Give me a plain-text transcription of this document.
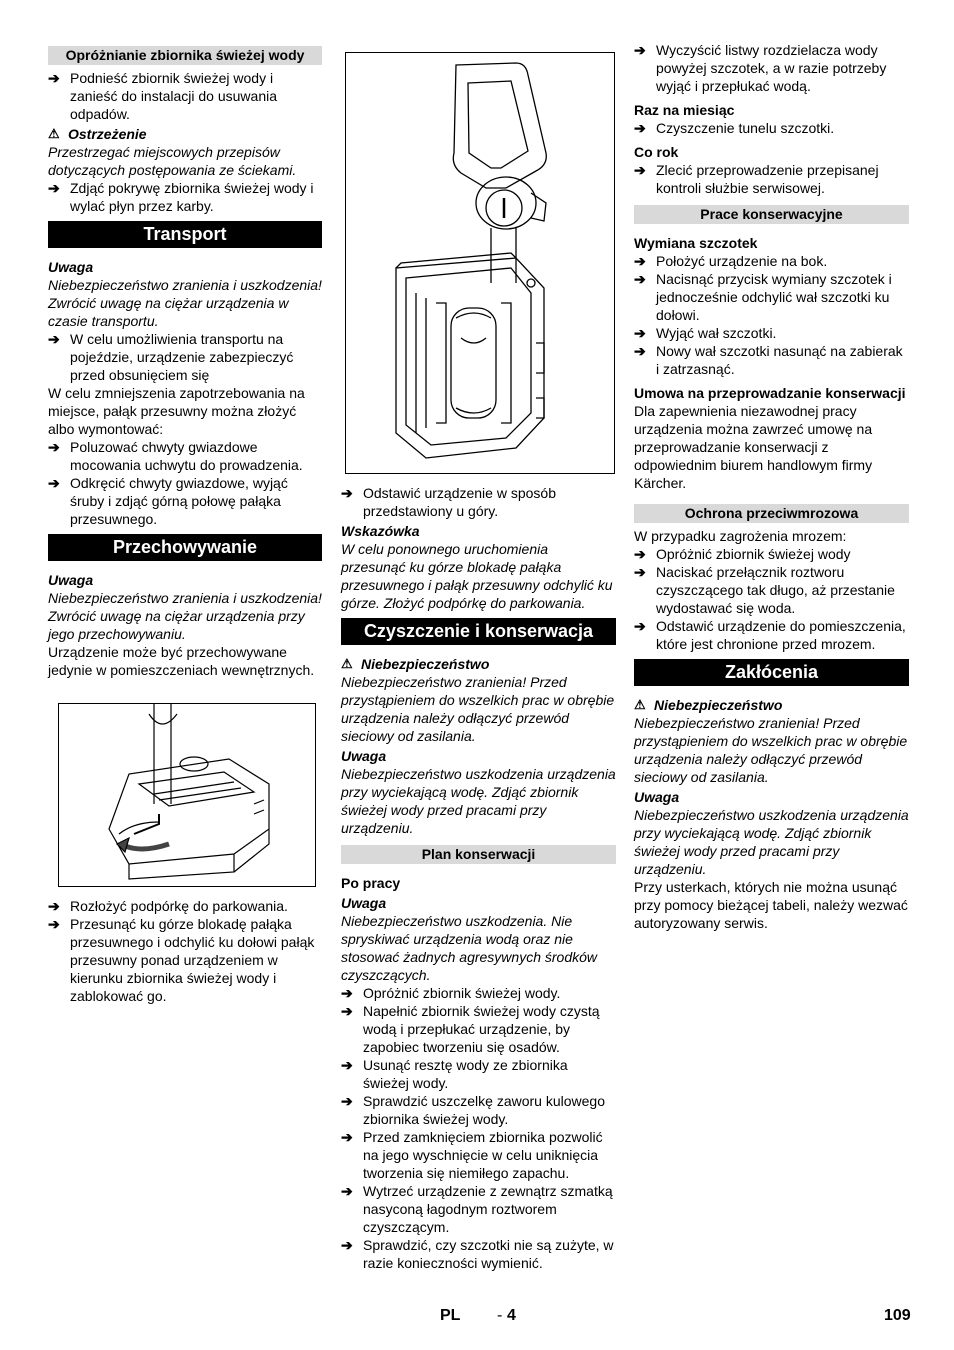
Opróżnianie zbiornika świeżej wody

➔ Podnieść zbiornik świeżej wody i zanieść do instalacji do usuwania odpadów.

⚠ Ostrzeżenie

Przestrzegać miejscowych przepisów dotyczących postępowania ze ściekami.

➔ Zdjąć pokrywę zbiornika świeżej wody i wylać płyn przez karby.

Transport
Uwaga

Niebezpieczeństwo zranienia i uszkodzenia! Zwrócić uwagę na ciężar urządzenia w czasie transportu.

➔ W celu umożliwienia transportu na pojeździe, urządzenie zabezpieczyć przed obsunięciem się

W celu zmniejszenia zapotrzebowania na miejsce, pałąk przesuwny można złożyć albo wymontować:

➔ Poluzować chwyty gwiazdowe mocowania uchwytu do prowadzenia.

➔ Odkręcić chwyty gwiazdowe, wyjąć śruby i zdjąć górną połowę pałąka przesuwnego.

Przechowywanie
Uwaga

Niebezpieczeństwo zranienia i uszkodzenia! Zwrócić uwagę na ciężar urządzenia przy jego przechowywaniu.

Urządzenie może być przechowywane jedynie w pomieszczeniach wewnętrznych.

➔ Rozłożyć podpórkę do parkowania.

➔ Przesunąć ku górze blokadę pałąka przesuwnego i odchylić ku dołowi pałąk przesuwny ponad urządzeniem w kierunku zbiornika świeżej wody i zablokować go.

➔ Odstawić urządzenie w sposób przedstawiony u góry.

Wskazówka

W celu ponownego uruchomienia przesunąć ku górze blokadę pałąka przesuwnego i pałąk przesuwny odchylić ku górze. Złożyć podpórkę do parkowania.

Czyszczenie i konserwacja
⚠ Niebezpieczeństwo

Niebezpieczeństwo zranienia! Przed przystąpieniem do wszelkich prac w obrębie urządzenia należy odłączyć przewód sieciowy od zasilania.

Uwaga

Niebezpieczeństwo uszkodzenia urządzenia przy wyciekającą wodę. Zdjąć zbiornik świeżej wody przed pracami przy urządzeniu.

Plan konserwacji
Po pracy
Uwaga

Niebezpieczeństwo uszkodzenia. Nie spryskiwać urządzenia wodą oraz nie stosować żadnych agresywnych środków czyszczących.

➔ Opróżnić zbiornik świeżej wody.

➔ Napełnić zbiornik świeżej wody czystą wodą i przepłukać urządzenie, by zapobiec tworzeniu się osadów.

➔ Usunąć resztę wody ze zbiornika świeżej wody.

➔ Sprawdzić uszczelkę zaworu kulowego zbiornika świeżej wody.

➔ Przed zamknięciem zbiornika pozwolić na jego wyschnięcie w celu uniknięcia tworzenia się niemiłego zapachu.

➔ Wytrzeć urządzenie z zewnątrz szmatką nasyconą łagodnym roztworem czyszczącym.

➔ Sprawdzić, czy szczotki nie są zużyte, w razie konieczności wymienić.

➔ Wyczyścić listwy rozdzielacza wody powyżej szczotek, a w razie potrzeby wyjąć i przepłukać wodą.

Raz na miesiąc

➔ Czyszczenie tunelu szczotki.

Co rok

➔ Zlecić przeprowadzenie przepisanej kontroli służbie serwisowej.

Prace konserwacyjne
Wymiana szczotek

➔ Położyć urządzenie na bok.

➔ Nacisnąć przycisk wymiany szczotek i jednocześnie odchylić wał szczotki ku dołowi.

➔ Wyjąć wał szczotki.

➔ Nowy wał szczotki nasunąć na zabierak i zatrzasnąć.

Umowa na przeprowadzanie konserwacji

Dla zapewnienia niezawodnej pracy urządzenia można zawrzeć umowę na przeprowadzanie konserwacji z odpowiednim biurem handlowym firmy Kärcher.

Ochrona przeciwmrozowa

W przypadku zagrożenia mrozem:

➔ Opróżnić zbiornik świeżej wody

➔ Naciskać przełącznik roztworu czyszczącego tak długo, aż przestanie wydostawać się woda.

➔ Odstawić urządzenie do pomieszczenia, które jest chronione przed mrozem.

Zakłócenia
⚠ Niebezpieczeństwo

Niebezpieczeństwo zranienia! Przed przystąpieniem do wszelkich prac w obrębie urządzenia należy odłączyć przewód sieciowy od zasilania.

Uwaga

Niebezpieczeństwo uszkodzenia urządzenia przy wyciekającą wodę. Zdjąć zbiornik świeżej wody przed pracami przy urządzeniu.

Przy usterkach, których nie można usunąć przy pomocy bieżącej tabeli, należy wezwać autoryzowany serwis.

PL - 4	109
